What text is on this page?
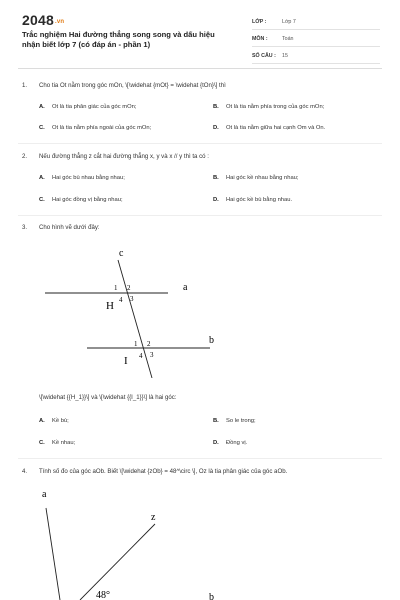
2048.vn
Trắc nghiệm Hai đường thẳng song song và dấu hiệu nhận biết lớp 7 (có đáp án - phần 1)
LỚP :	Lớp 7
MÔN :	Toán
SỐ CÂU :	15
1.	Cho tia Ot nằm trong góc mOn, \[\widehat {mOt} = \widehat {tOn}\] thì
A. Ot là tia phân giác của góc mOn;	B. Ot là tia nằm phía trong của góc mOn;
C. Ot là tia nằm phía ngoài của góc mOn;	D. Ot là tia nằm giữa hai cạnh Om và On.
2.	Nếu đường thẳng z cắt hai đường thẳng x, y và x // y thì ta có :
A. Hai góc bù nhau bằng nhau;	B. Hai góc kề nhau bằng nhau;
C. Hai góc đồng vị bằng nhau;	D. Hai góc kề bù bằng nhau.
3.	Cho hình vẽ dưới đây:
c
a
b
H
I
1 2
3
4
1 2
3
4
\[\widehat {{H_1}}\] và \[\widehat {{I_1}}\] là hai góc:
A. Kề bù;	B. So le trong;
C. Kề nhau;	D. Đồng vị.
4.	Tính số đo của góc aOb. Biết \[\widehat {zOb} = 48^\circ \], Oz là tia phân giác của góc aOb.
a
z
b
48°
